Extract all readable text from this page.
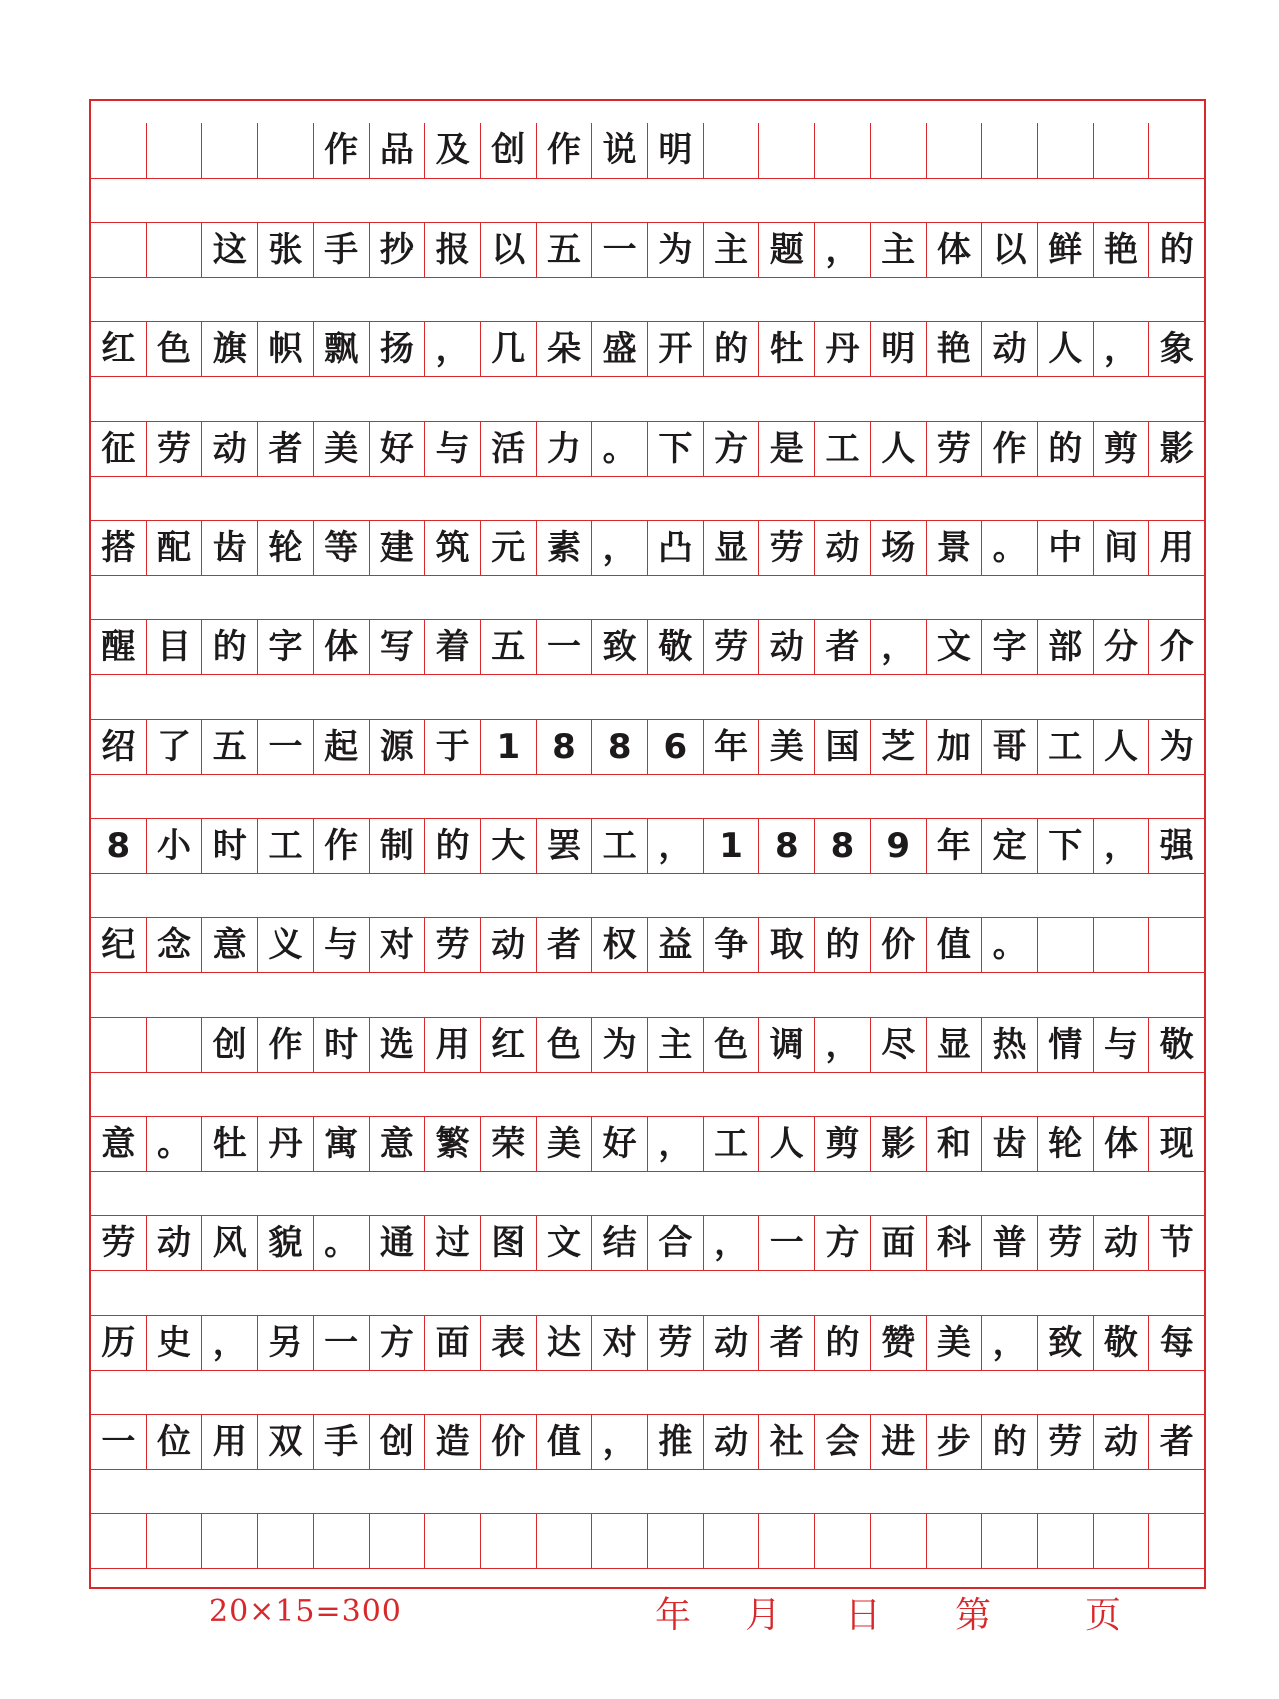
作 品 及 创 作 说 明
这 张 手 抄 报 以 五 一 为 主 题 ， 主 体 以 鲜 艳 的
红 色 旗 帜 飘 扬 ， 几 朵 盛 开 的 牡 丹 明 艳 动 人 ， 象
征 劳 动 者 美 好 与 活 力 。 下 方 是 工 人 劳 作 的 剪 影
搭 配 齿 轮 等 建 筑 元 素 ， 凸 显 劳 动 场 景 。 中 间 用
醒 目 的 字 体 写 着 五 一 致 敬 劳 动 者 ， 文 字 部 分 介
绍 了 五 一 起 源 于 1 8 8 6 年 美 国 芝 加 哥 工 人 为
8 小 时 工 作 制 的 大 罢 工 ， 1 8 8 9 年 定 下 ， 强
纪 念 意 义 与 对 劳 动 者 权 益 争 取 的 价 值 。
创 作 时 选 用 红 色 为 主 色 调 ， 尽 显 热 情 与 敬
意 。 牡 丹 寓 意 繁 荣 美 好 ， 工 人 剪 影 和 齿 轮 体 现
劳 动 风 貌 。 通 过 图 文 结 合 ， 一 方 面 科 普 劳 动 节
历 史 ， 另 一 方 面 表 达 对 劳 动 者 的 赞 美 ， 致 敬 每
一 位 用 双 手 创 造 价 值 ， 推 动 社 会 进 步 的 劳 动 者
20×15=300	年 月 日 第	页
